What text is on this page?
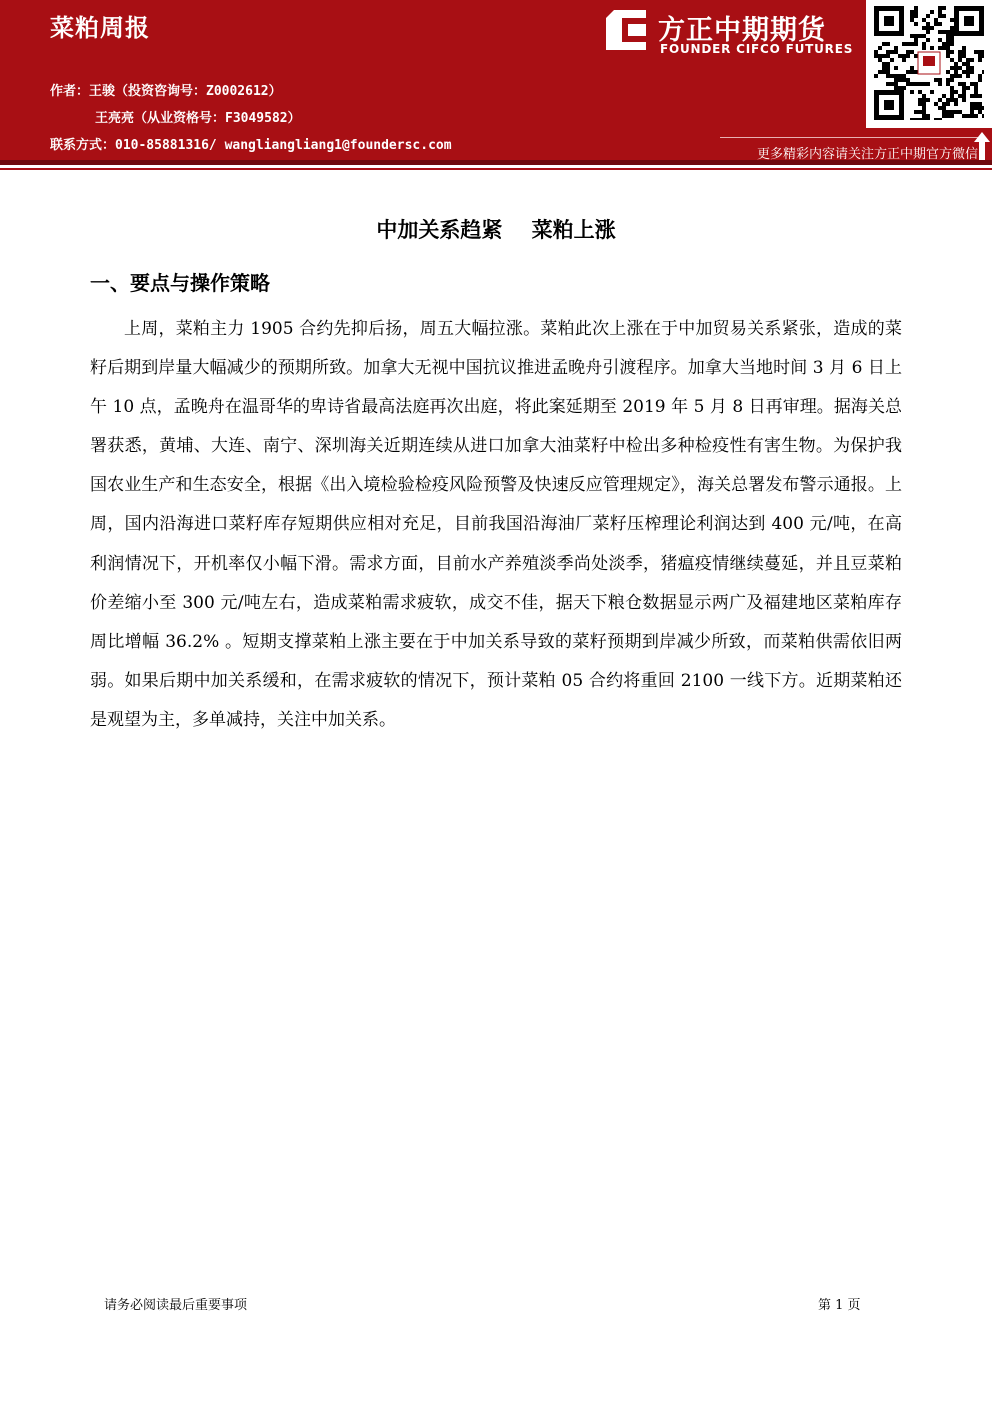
菜粕周报
作者：王骏（投资咨询号：Z0002612）
王亮亮（从业资格号：F3049582）
联系方式：010-85881316/ wangliangliang1@foundersc.com
方正中期期货
FOUNDER CIFCO FUTURES
更多精彩内容请关注方正中期官方微信
中加关系趋紧    菜粕上涨
一、要点与操作策略
上周，菜粕主力 1905 合约先抑后扬，周五大幅拉涨。菜粕此次上涨在于中加贸易关系紧张，造成的菜籽后期到岸量大幅减少的预期所致。加拿大无视中国抗议推进孟晚舟引渡程序。加拿大当地时间 3 月 6 日上午 10 点，孟晚舟在温哥华的卑诗省最高法庭再次出庭，将此案延期至 2019 年 5 月 8 日再审理。据海关总署获悉，黄埔、大连、南宁、深圳海关近期连续从进口加拿大油菜籽中检出多种检疫性有害生物。为保护我国农业生产和生态安全，根据《出入境检验检疫风险预警及快速反应管理规定》，海关总署发布警示通报。上周，国内沿海进口菜籽库存短期供应相对充足，目前我国沿海油厂菜籽压榨理论利润达到 400 元/吨，在高利润情况下，开机率仅小幅下滑。需求方面，目前水产养殖淡季尚处淡季，猪瘟疫情继续蔓延，并且豆菜粕价差缩小至 300 元/吨左右，造成菜粕需求疲软，成交不佳，据天下粮仓数据显示两广及福建地区菜粕库存周比增幅 36.2% 。短期支撑菜粕上涨主要在于中加关系导致的菜籽预期到岸减少所致，而菜粕供需依旧两弱。如果后期中加关系缓和，在需求疲软的情况下，预计菜粕 05 合约将重回 2100 一线下方。近期菜粕还是观望为主，多单减持，关注中加关系。
请务必阅读最后重要事项	第 1 页
